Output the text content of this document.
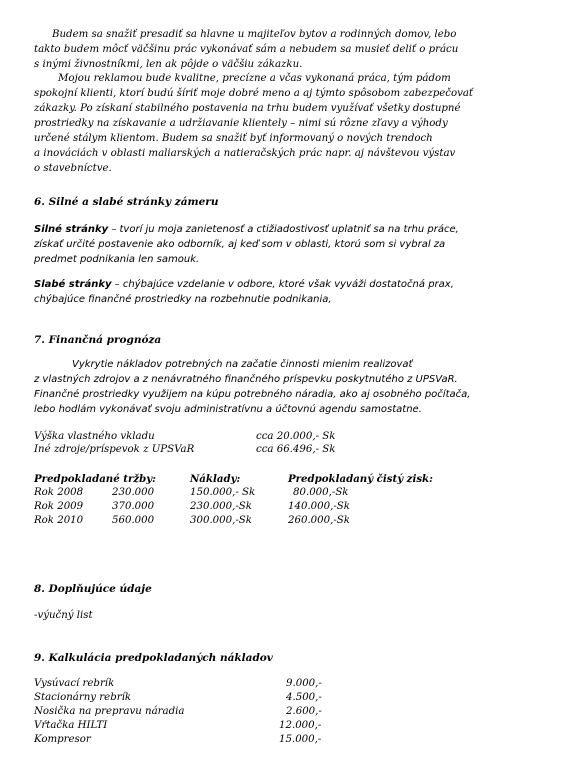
Budem sa snažiť presadiť sa hlavne u majiteľov bytov a rodinných domov, lebo
takto budem môcť väčšinu prác vykonávať sám a nebudem sa musieť deliť o prácu
s inými živnostníkmi, len ak pôjde o väčšiu zákazku.
Mojou reklamou bude kvalitne, precízne a včas vykonaná práca, tým pádom
spokojní klienti, ktorí budú šíriť moje dobré meno a aj týmto spôsobom zabezpečovať
zákazky. Po získaní stabilného postavenia na trhu budem využívať všetky dostupné
prostriedky na získavanie a udržiavanie klientely – nimi sú rôzne zľavy a výhody
určené stálym klientom. Budem sa snažiť byť informovaný o nových trendoch
a inováciách v oblasti maliarských a natieračských prác napr. aj návštevou výstav
o stavebníctve.
6. Silné a slabé stránky zámeru
Silné stránky – tvorí ju moja zanietenosť a ctižiadostivosť uplatniť sa na trhu práce,
získať určité postavenie ako odborník, aj keď som v oblasti, ktorú som si vybral za
predmet podnikania len samouk.
Slabé stránky – chýbajúce vzdelanie v odbore, ktoré však vyváži dostatočná prax,
chýbajúce finančné prostriedky na rozbehnutie podnikania,
7. Finančná prognóza
Vykrytie nákladov potrebných na začatie činnosti mienim realizovať
z vlastných zdrojov a z nenávratného finančného príspevku poskytnutého z UPSVaR.
Finančné prostriedky využijem na kúpu potrebného náradia, ako aj osobného počítača,
lebo hodlám vykonávať svoju administratívnu a účtovnú agendu samostatne.
Výška vlastného vkladu	cca 20.000,- Sk
Iné zdroje/príspevok z UPSVaR	cca 66.496,- Sk
Predpokladané tržby:	Náklady:	Predpokladaný čistý zisk:
Rok 2008	230.000	150.000,- Sk	80.000,-Sk
Rok 2009	370.000	230.000,-Sk	140.000,-Sk
Rok 2010	560.000	300.000,-Sk	260.000,-Sk
8. Doplňujúce údaje
-výučný list
9. Kalkulácia predpokladaných nákladov
Vysúvací rebrík	9.000,-
Stacionárny rebrík	4.500,-
Nosička na prepravu náradia	2.600,-
Vŕtačka HILTI	12.000,-
Kompresor	15.000,-
